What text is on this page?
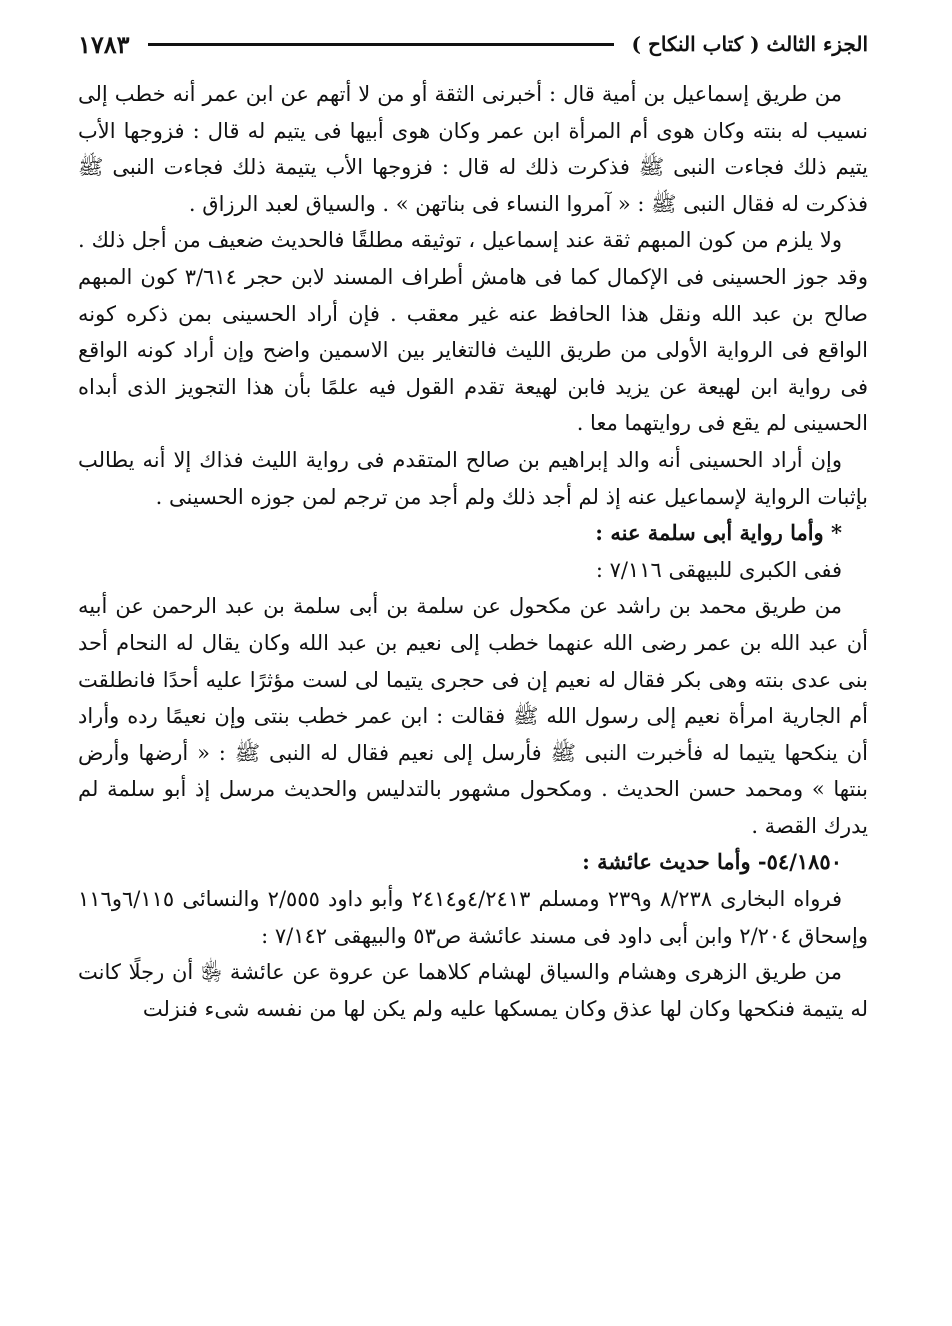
الجزء الثالث ( كتاب النكاح )
١٧٨٣

من طريق إسماعيل بن أمية قال : أخبرنى الثقة أو من لا أتهم عن ابن عمر أنه خطب إلى نسيب له بنته وكان هوى أم المرأة ابن عمر وكان هوى أبيها فى يتيم له قال : فزوجها الأب يتيم ذلك فجاءت النبى ﷺ فذكرت ذلك له قال : فزوجها الأب يتيمة ذلك فجاءت النبى ﷺ فذكرت له فقال النبى ﷺ : « آمروا النساء فى بناتهن » . والسياق لعبد الرزاق .

ولا يلزم من كون المبهم ثقة عند إسماعيل ، توثيقه مطلقًا فالحديث ضعيف من أجل ذلك . وقد جوز الحسينى فى الإكمال كما فى هامش أطراف المسند لابن حجر ٣/٦١٤ كون المبهم صالح بن عبد الله ونقل هذا الحافظ عنه غير معقب . فإن أراد الحسينى بمن ذكره كونه الواقع فى الرواية الأولى من طريق الليث فالتغاير بين الاسمين واضح وإن أراد كونه الواقع فى رواية ابن لهيعة عن يزيد فابن لهيعة تقدم القول فيه علمًا بأن هذا التجويز الذى أبداه الحسينى لم يقع فى روايتهما معا .

وإن أراد الحسينى أنه والد إبراهيم بن صالح المتقدم فى رواية الليث فذاك إلا أنه يطالب بإثبات الرواية لإسماعيل عنه إذ لم أجد ذلك ولم أجد من ترجم لمن جوزه الحسينى .

* وأما رواية أبى سلمة عنه :

ففى الكبرى للبيهقى ٧/١١٦ :

من طريق محمد بن راشد عن مكحول عن سلمة بن أبى سلمة بن عبد الرحمن عن أبيه أن عبد الله بن عمر رضى الله عنهما خطب إلى نعيم بن عبد الله وكان يقال له النحام أحد بنى عدى بنته وهى بكر فقال له نعيم إن فى حجرى يتيما لى لست مؤثرًا عليه أحدًا فانطلقت أم الجارية امرأة نعيم إلى رسول الله ﷺ فقالت : ابن عمر خطب بنتى وإن نعيمًا رده وأراد أن ينكحها يتيما له فأخبرت النبى ﷺ فأرسل إلى نعيم فقال له النبى ﷺ : « أرضها وأرض بنتها » ومحمد حسن الحديث . ومكحول مشهور بالتدليس والحديث مرسل إذ أبو سلمة لم يدرك القصة .

٥٤/١٨٥٠- وأما حديث عائشة :

فرواه البخارى ٨/٢٣٨ و٢٣٩ ومسلم ٤/٢٤١٣و٢٤١٤ وأبو داود ٢/٥٥٥ والنسائى ٦/١١٥و١١٦ وإسحاق ٢/٢٠٤ وابن أبى داود فى مسند عائشة ص٥٣ والبيهقى ٧/١٤٢ :

من طريق الزهرى وهشام والسياق لهشام كلاهما عن عروة عن عائشة ﵂ أن رجلًا كانت له يتيمة فنكحها وكان لها عذق وكان يمسكها عليه ولم يكن لها من نفسه شىء فنزلت
